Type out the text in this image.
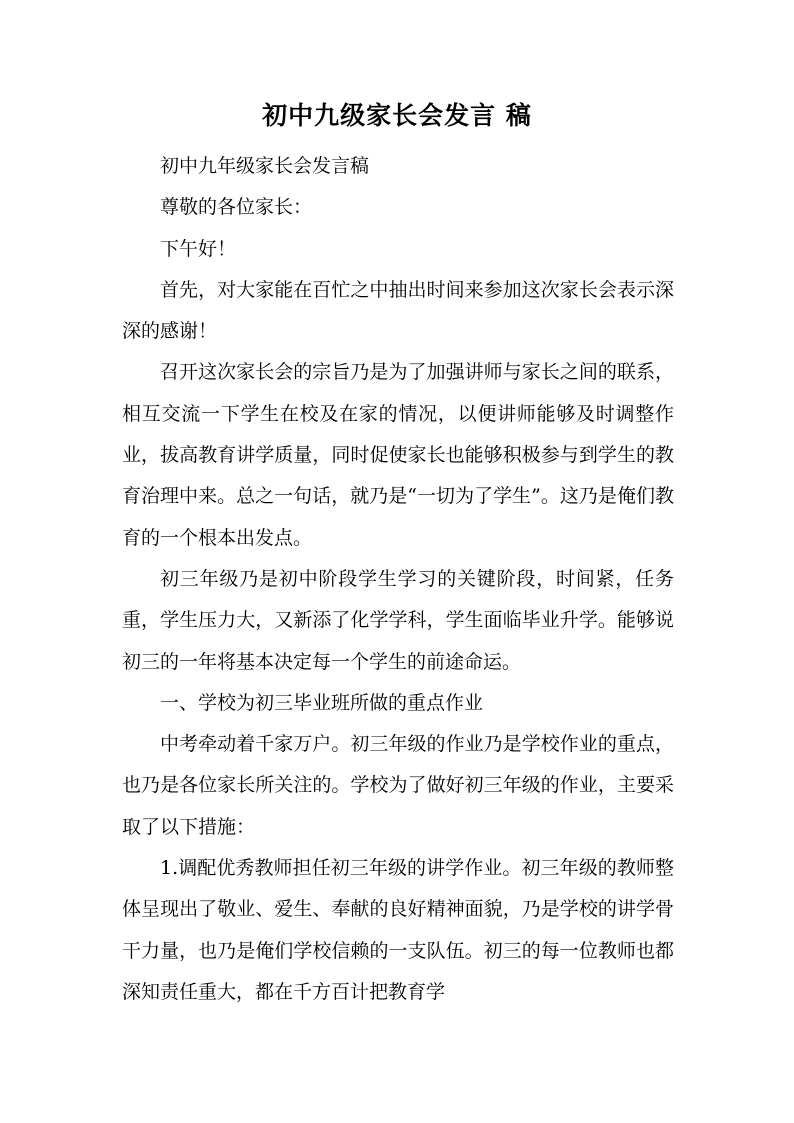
初中九级家长会发言 稿

初中九年级家长会发言稿

尊敬的各位家长：

下午好！

首先，对大家能在百忙之中抽出时间来参加这次家长会表示深深的感谢！

召开这次家长会的宗旨乃是为了加强讲师与家长之间的联系，相互交流一下学生在校及在家的情况，以便讲师能够及时调整作业，拔高教育讲学质量，同时促使家长也能够积极参与到学生的教育治理中来。总之一句话，就乃是“一切为了学生”。这乃是俺们教育的一个根本出发点。

初三年级乃是初中阶段学生学习的关键阶段，时间紧，任务重，学生压力大，又新添了化学学科，学生面临毕业升学。能够说初三的一年将基本决定每一个学生的前途命运。

一、学校为初三毕业班所做的重点作业

中考牵动着千家万户。初三年级的作业乃是学校作业的重点，也乃是各位家长所关注的。学校为了做好初三年级的作业，主要采取了以下措施：

1.调配优秀教师担任初三年级的讲学作业。初三年级的教师整体呈现出了敬业、爱生、奉献的良好精神面貌，乃是学校的讲学骨干力量，也乃是俺们学校信赖的一支队伍。初三的每一位教师也都深知责任重大，都在千方百计把教育学
